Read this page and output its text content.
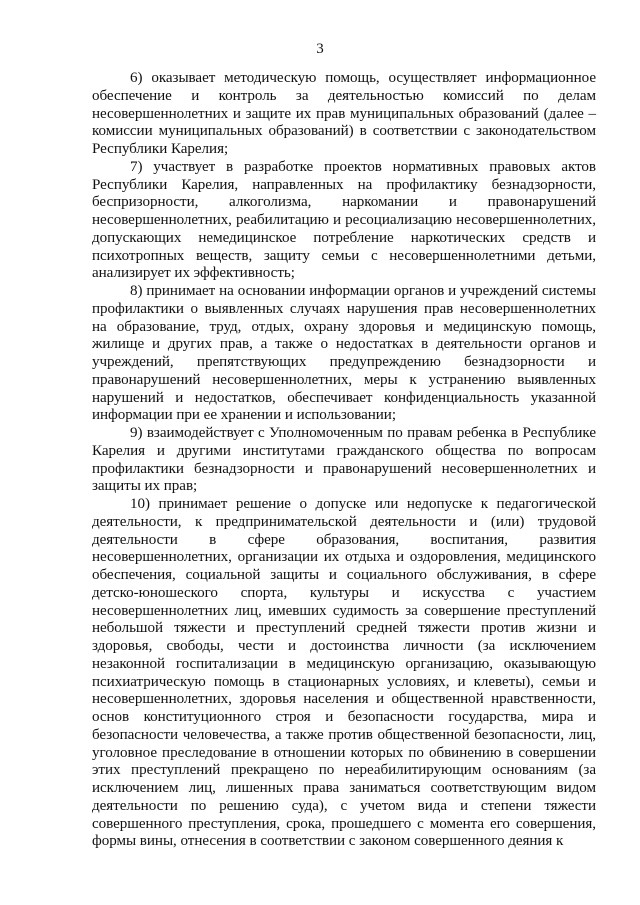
3

6) оказывает методическую помощь, осуществляет информационное обеспечение и контроль за деятельностью комиссий по делам несовершеннолетних и защите их прав муниципальных образований (далее – комиссии муниципальных образований) в соответствии с законодательством Республики Карелия;

7) участвует в разработке проектов нормативных правовых актов Республики Карелия, направленных на профилактику безнадзорности, беспризорности, алкоголизма, наркомании и правонарушений несовершеннолетних, реабилитацию и ресоциализацию несовершеннолетних, допускающих немедицинское потребление наркотических средств и психотропных веществ, защиту семьи с несовершеннолетними детьми, анализирует их эффективность;

8) принимает на основании информации органов и учреждений системы профилактики о выявленных случаях нарушения прав несовершеннолетних на образование, труд, отдых, охрану здоровья и медицинскую помощь, жилище и других прав, а также о недостатках в деятельности органов и учреждений, препятствующих предупреждению безнадзорности и правонарушений несовершеннолетних, меры к устранению выявленных нарушений и недостатков, обеспечивает конфиденциальность указанной информации при ее хранении и использовании;

9) взаимодействует с Уполномоченным по правам ребенка в Республике Карелия и другими институтами гражданского общества по вопросам профилактики безнадзорности и правонарушений несовершеннолетних и защиты их прав;

10) принимает решение о допуске или недопуске к педагогической деятельности, к предпринимательской деятельности и (или) трудовой деятельности в сфере образования, воспитания, развития несовершеннолетних, организации их отдыха и оздоровления, медицинского обеспечения, социальной защиты и социального обслуживания, в сфере детско-юношеского спорта, культуры и искусства с участием несовершеннолетних лиц, имевших судимость за совершение преступлений небольшой тяжести и преступлений средней тяжести против жизни и здоровья, свободы, чести и достоинства личности (за исключением незаконной госпитализации в медицинскую организацию, оказывающую психиатрическую помощь в стационарных условиях, и клеветы), семьи и несовершеннолетних, здоровья населения и общественной нравственности, основ конституционного строя и безопасности государства, мира и безопасности человечества, а также против общественной безопасности, лиц, уголовное преследование в отношении которых по обвинению в совершении этих преступлений прекращено по нереабилитирующим основаниям (за исключением лиц, лишенных права заниматься соответствующим видом деятельности по решению суда), с учетом вида и степени тяжести совершенного преступления, срока, прошедшего с момента его совершения, формы вины, отнесения в соответствии с законом совершенного деяния к
